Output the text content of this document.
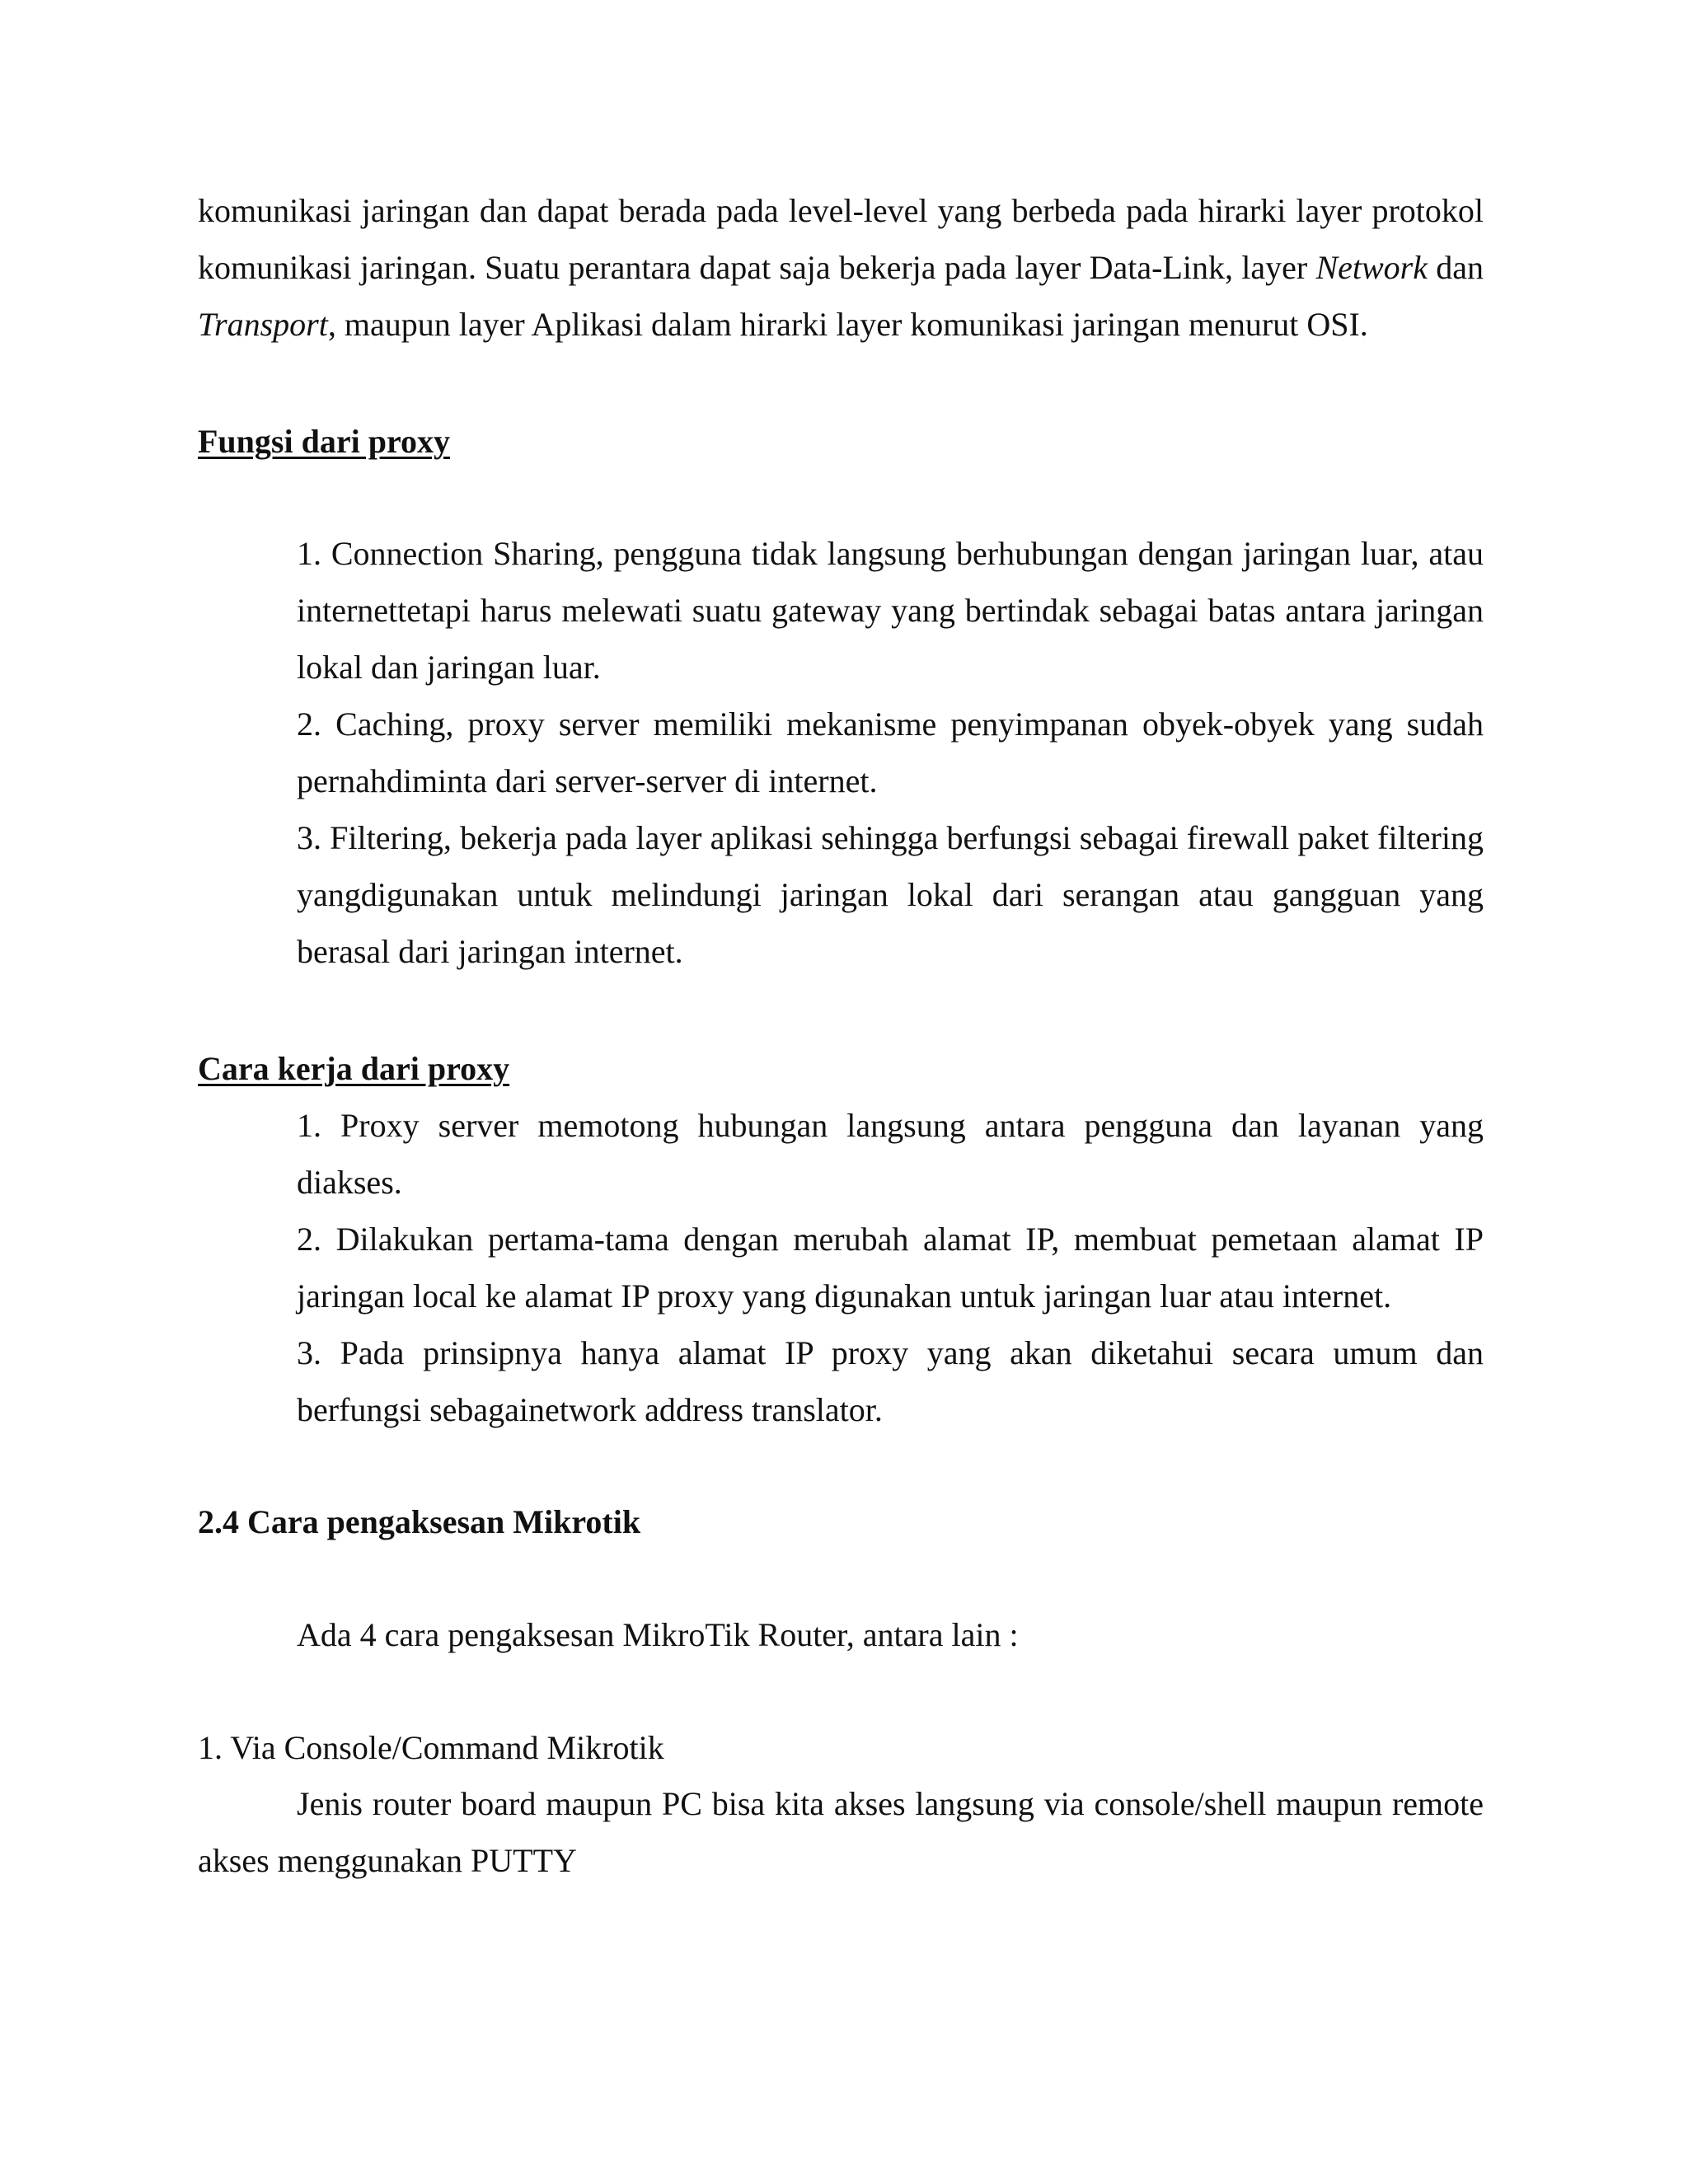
komunikasi jaringan dan dapat berada pada level-level yang berbeda pada hirarki layer protokol komunikasi jaringan. Suatu perantara dapat saja bekerja pada layer Data-Link, layer Network dan Transport, maupun layer Aplikasi dalam hirarki layer komunikasi jaringan menurut OSI.

Fungsi dari proxy

1. Connection Sharing, pengguna tidak langsung berhubungan dengan jaringan luar, atau internettetapi harus melewati suatu gateway yang bertindak sebagai batas antara jaringan lokal dan jaringan luar.

2. Caching, proxy server memiliki mekanisme penyimpanan obyek-obyek yang sudah pernahdiminta dari server-server di internet.

3. Filtering, bekerja pada layer aplikasi sehingga berfungsi sebagai firewall paket filtering yangdigunakan untuk melindungi jaringan lokal dari serangan atau gangguan yang berasal dari jaringan internet.

Cara kerja dari proxy

1. Proxy server memotong hubungan langsung antara pengguna dan layanan yang diakses.

2. Dilakukan pertama-tama dengan merubah alamat IP, membuat pemetaan alamat IP jaringan local ke alamat IP proxy yang digunakan untuk jaringan luar atau internet.

3. Pada prinsipnya hanya alamat IP proxy yang akan diketahui secara umum dan berfungsi sebagainetwork address translator.

2.4 Cara pengaksesan Mikrotik
Ada 4 cara pengaksesan MikroTik Router, antara lain :
1. Via Console/Command Mikrotik

Jenis router board maupun PC bisa kita akses langsung via console/shell maupun remote akses menggunakan PUTTY
